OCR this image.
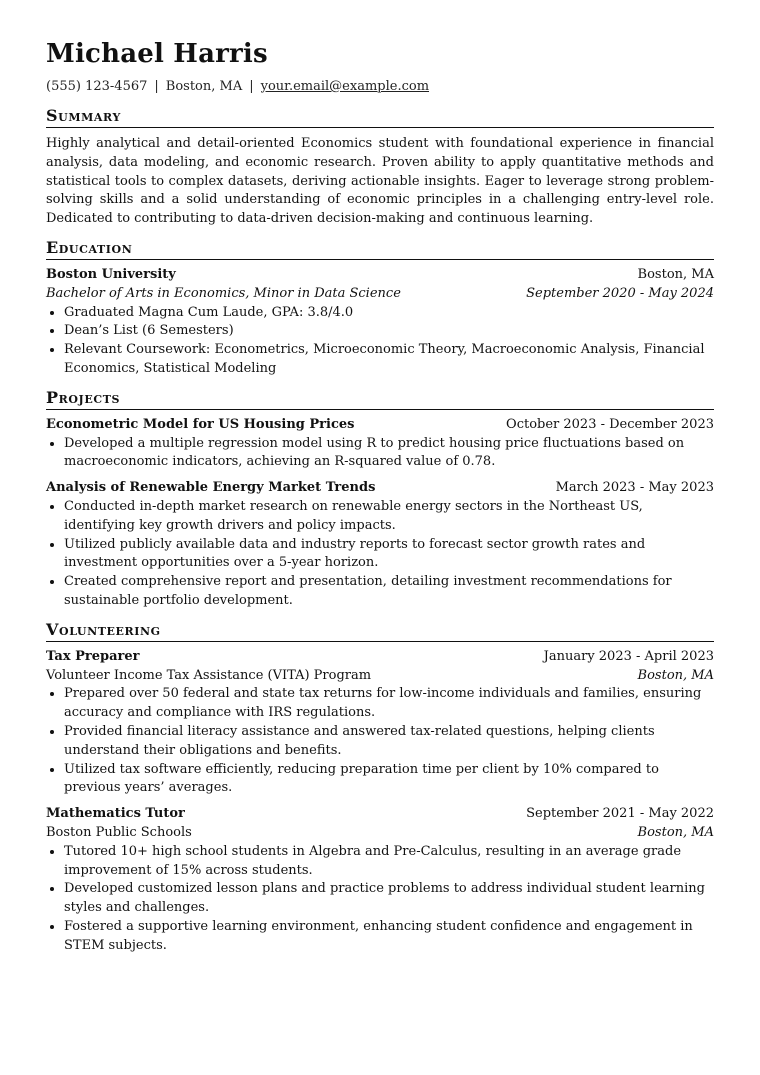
Michael Harris
(555) 123-4567 | Boston, MA | your.email@example.com
Summary
Highly analytical and detail-oriented Economics student with foundational experience in financial analysis, data modeling, and economic research. Proven ability to apply quantitative methods and statistical tools to complex datasets, deriving actionable insights. Eager to leverage strong problem-solving skills and a solid understanding of economic principles in a challenging entry-level role. Dedicated to contributing to data-driven decision-making and continuous learning.
Education
Boston University	Boston, MA
Bachelor of Arts in Economics, Minor in Data Science	September 2020 - May 2024
• Graduated Magna Cum Laude, GPA: 3.8/4.0
• Dean’s List (6 Semesters)
• Relevant Coursework: Econometrics, Microeconomic Theory, Macroeconomic Analysis, Financial Economics, Statistical Modeling
Projects
Econometric Model for US Housing Prices	October 2023 - December 2023
• Developed a multiple regression model using R to predict housing price fluctuations based on macroeconomic indicators, achieving an R-squared value of 0.78.
Analysis of Renewable Energy Market Trends	March 2023 - May 2023
• Conducted in-depth market research on renewable energy sectors in the Northeast US, identifying key growth drivers and policy impacts.
• Utilized publicly available data and industry reports to forecast sector growth rates and investment opportunities over a 5-year horizon.
• Created comprehensive report and presentation, detailing investment recommendations for sustainable portfolio development.
Volunteering
Tax Preparer	January 2023 - April 2023
Volunteer Income Tax Assistance (VITA) Program	Boston, MA
• Prepared over 50 federal and state tax returns for low-income individuals and families, ensuring accuracy and compliance with IRS regulations.
• Provided financial literacy assistance and answered tax-related questions, helping clients understand their obligations and benefits.
• Utilized tax software efficiently, reducing preparation time per client by 10% compared to previous years’ averages.
Mathematics Tutor	September 2021 - May 2022
Boston Public Schools	Boston, MA
• Tutored 10+ high school students in Algebra and Pre-Calculus, resulting in an average grade improvement of 15% across students.
• Developed customized lesson plans and practice problems to address individual student learning styles and challenges.
• Fostered a supportive learning environment, enhancing student confidence and engagement in STEM subjects.
